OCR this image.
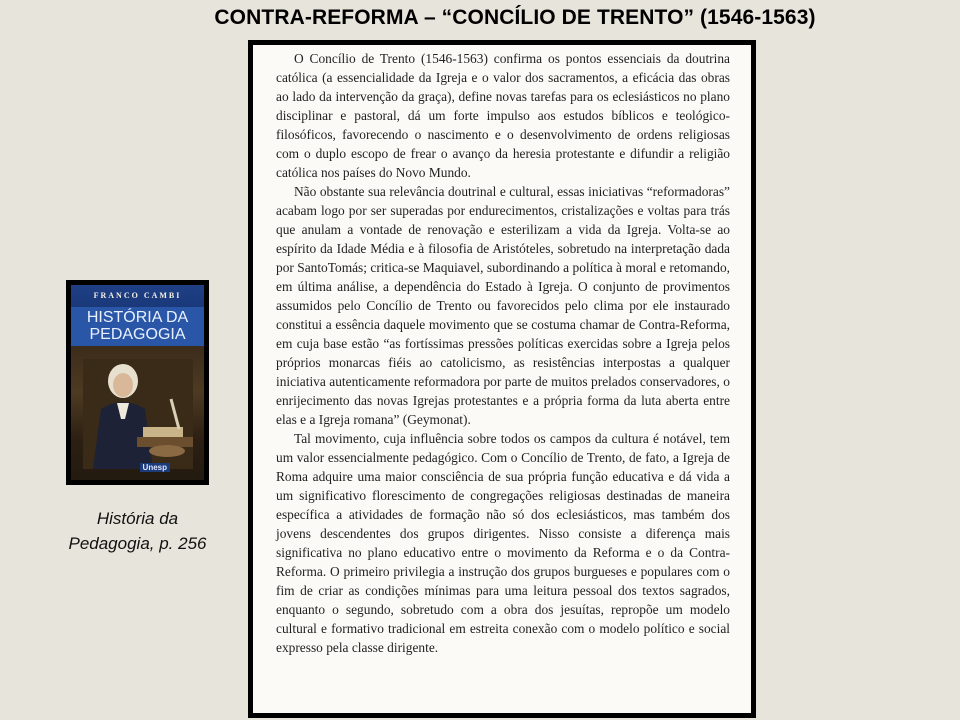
CONTRA-REFORMA – “CONCÍLIO DE TRENTO” (1546-1563)
FRANCO CAMBI
HISTÓRIA DA
PEDAGOGIA
Unesp
História da
Pedagogia, p. 256

O Concílio de Trento (1546-1563) confirma os pontos essenciais da doutrina católica (a essencialidade da Igreja e o valor dos sacramentos, a eficácia das obras ao lado da intervenção da graça), define novas tarefas para os eclesiásticos no plano disciplinar e pastoral, dá um forte impulso aos estudos bíblicos e teológico-filosóficos, favorecendo o nascimento e o desenvolvimento de ordens religiosas com o duplo escopo de frear o avanço da heresia protestante e difundir a religião católica nos países do Novo Mundo.

Não obstante sua relevância doutrinal e cultural, essas iniciativas “reformadoras” acabam logo por ser superadas por endurecimentos, cristalizações e voltas para trás que anulam a vontade de renovação e esterilizam a vida da Igreja. Volta-se ao espírito da Idade Média e à filosofia de Aristóteles, sobretudo na interpretação dada por SantoTomás; critica-se Maquiavel, subordinando a política à moral e retomando, em última análise, a dependência do Estado à Igreja. O conjunto de provimentos assumidos pelo Concílio de Trento ou favorecidos pelo clima por ele instaurado constitui a essência daquele movimento que se costuma chamar de Contra-Reforma, em cuja base estão “as fortíssimas pressões políticas exercidas sobre a Igreja pelos próprios monarcas fiéis ao catolicismo, as resistências interpostas a qualquer iniciativa autenticamente reformadora por parte de muitos prelados conservadores, o enrijecimento das novas Igrejas protestantes e a própria forma da luta aberta entre elas e a Igreja romana” (Geymonat).

Tal movimento, cuja influência sobre todos os campos da cultura é notável, tem um valor essencialmente pedagógico. Com o Concílio de Trento, de fato, a Igreja de Roma adquire uma maior consciência de sua própria função educativa e dá vida a um significativo florescimento de congregações religiosas destinadas de maneira específica a atividades de formação não só dos eclesiásticos, mas também dos jovens descendentes dos grupos dirigentes. Nisso consiste a diferença mais significativa no plano educativo entre o movimento da Reforma e o da Contra-Reforma. O primeiro privilegia a instrução dos grupos burgueses e populares com o fim de criar as condições mínimas para uma leitura pessoal dos textos sagrados, enquanto o segundo, sobretudo com a obra dos jesuítas, repropõe um modelo cultural e formativo tradicional em estreita conexão com o modelo político e social expresso pela classe dirigente.
